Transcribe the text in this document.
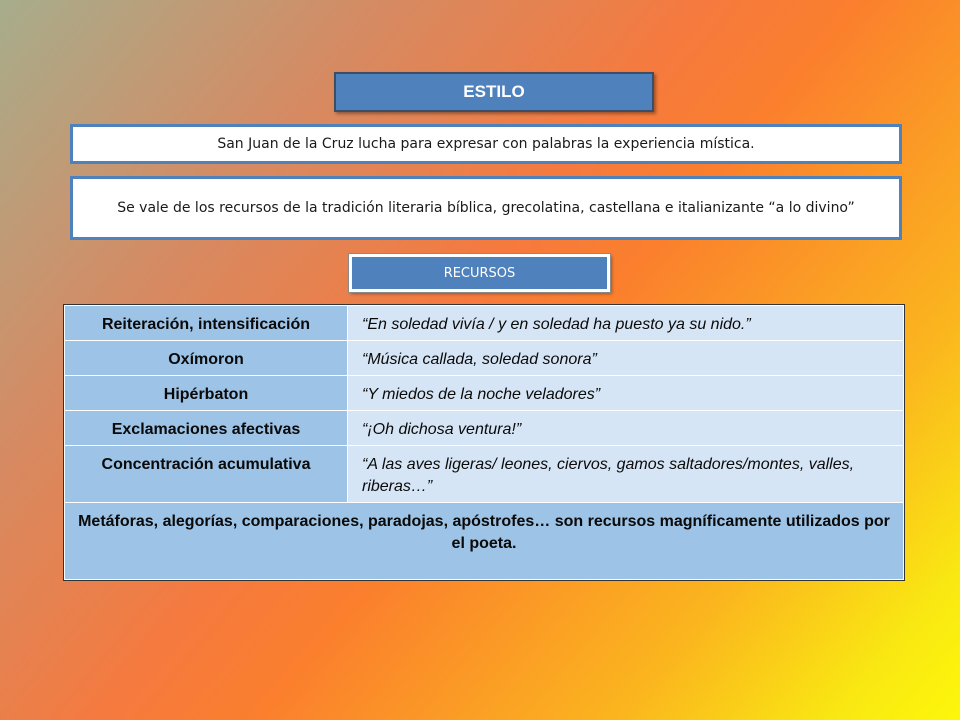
ESTILO
San Juan de la Cruz lucha para expresar con palabras la experiencia mística.
Se vale de los recursos de la tradición literaria bíblica, grecolatina, castellana e italianizante “a lo divino”
RECURSOS
Reiteración, intensificación	“En soledad vivía / y en soledad ha puesto ya su nido.”
Oxímoron	“Música callada, soledad sonora”
Hipérbaton	“Y miedos de la noche veladores”
Exclamaciones afectivas	“¡Oh dichosa ventura!”
Concentración acumulativa	“A las aves ligeras/ leones, ciervos, gamos saltadores/montes, valles, riberas…”
Metáforas, alegorías, comparaciones, paradojas, apóstrofes… son recursos magníficamente utilizados por el poeta.	
